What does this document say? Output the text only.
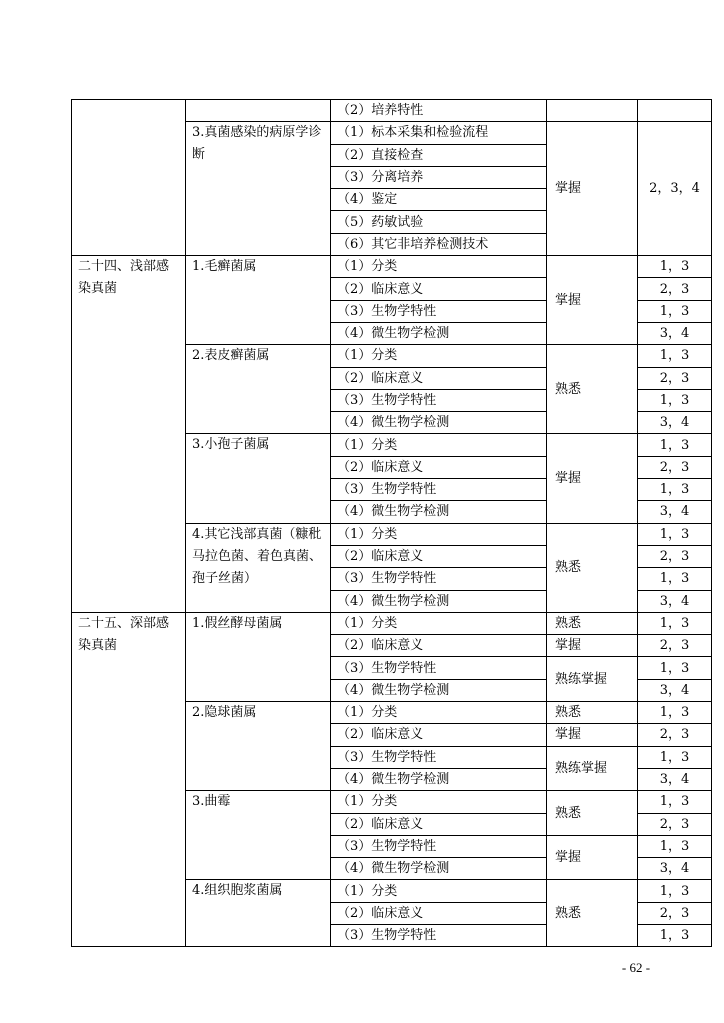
		（2）培养特性		
	3.真菌感染的病原学诊断	（1）标本采集和检验流程	掌握	2，3，4
		（2）直接检查		
		（3）分离培养		
		（4）鉴定		
		（5）药敏试验		
		（6）其它非培养检测技术		
二十四、浅部感染真菌	1.毛癣菌属	（1）分类	掌握	1，3
		（2）临床意义		2，3
		（3）生物学特性		1，3
		（4）微生物学检测		3，4
	2.表皮癣菌属	（1）分类	熟悉	1，3
		（2）临床意义		2，3
		（3）生物学特性		1，3
		（4）微生物学检测		3，4
	3.小孢子菌属	（1）分类	掌握	1，3
		（2）临床意义		2，3
		（3）生物学特性		1，3
		（4）微生物学检测		3，4
	4.其它浅部真菌（糠秕马拉色菌、着色真菌、孢子丝菌）	（1）分类	熟悉	1，3
		（2）临床意义		2，3
		（3）生物学特性		1，3
		（4）微生物学检测		3，4
二十五、深部感染真菌	1.假丝酵母菌属	（1）分类	熟悉	1，3
		（2）临床意义	掌握	2，3
		（3）生物学特性	熟练掌握	1，3
		（4）微生物学检测		3，4
	2.隐球菌属	（1）分类	熟悉	1，3
		（2）临床意义	掌握	2，3
		（3）生物学特性	熟练掌握	1，3
		（4）微生物学检测		3，4
	3.曲霉	（1）分类	熟悉	1，3
		（2）临床意义		2，3
		（3）生物学特性	掌握	1，3
		（4）微生物学检测		3，4
	4.组织胞浆菌属	（1）分类	熟悉	1，3
		（2）临床意义		2，3
		（3）生物学特性		1，3
- 62 -
